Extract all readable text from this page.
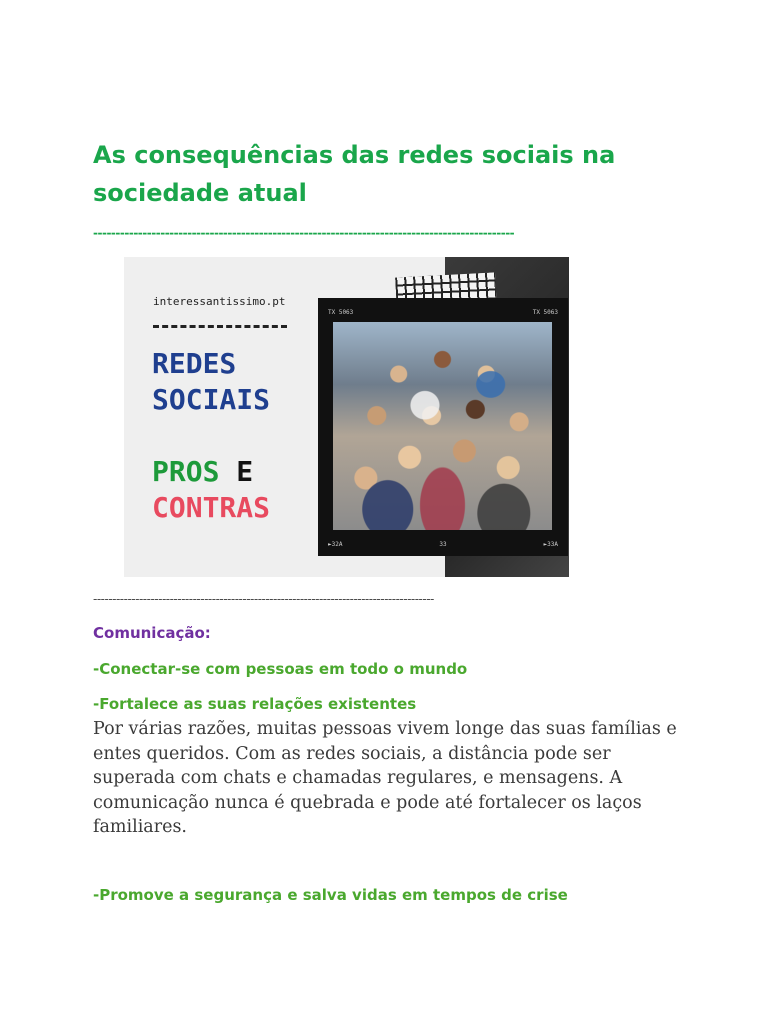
As consequências das redes sociais na sociedade atual
----------------------------------------------------------------------------------------------
interessantissimo.pt
REDES
SOCIAIS
PROS E
CONTRAS
TX 5063	TX 5063
►32A	33	►33A
-----------------------------------------------------------------------------------------
Comunicação:

-Conectar-se com pessoas em todo o mundo

-Fortalece as suas relações existentes

Por várias razões, muitas pessoas vivem longe das suas famílias e entes queridos. Com as redes sociais, a distância pode ser superada com chats e chamadas regulares, e mensagens. A comunicação nunca é quebrada e pode até fortalecer os laços familiares.

-Promove a segurança e salva vidas em tempos de crise
